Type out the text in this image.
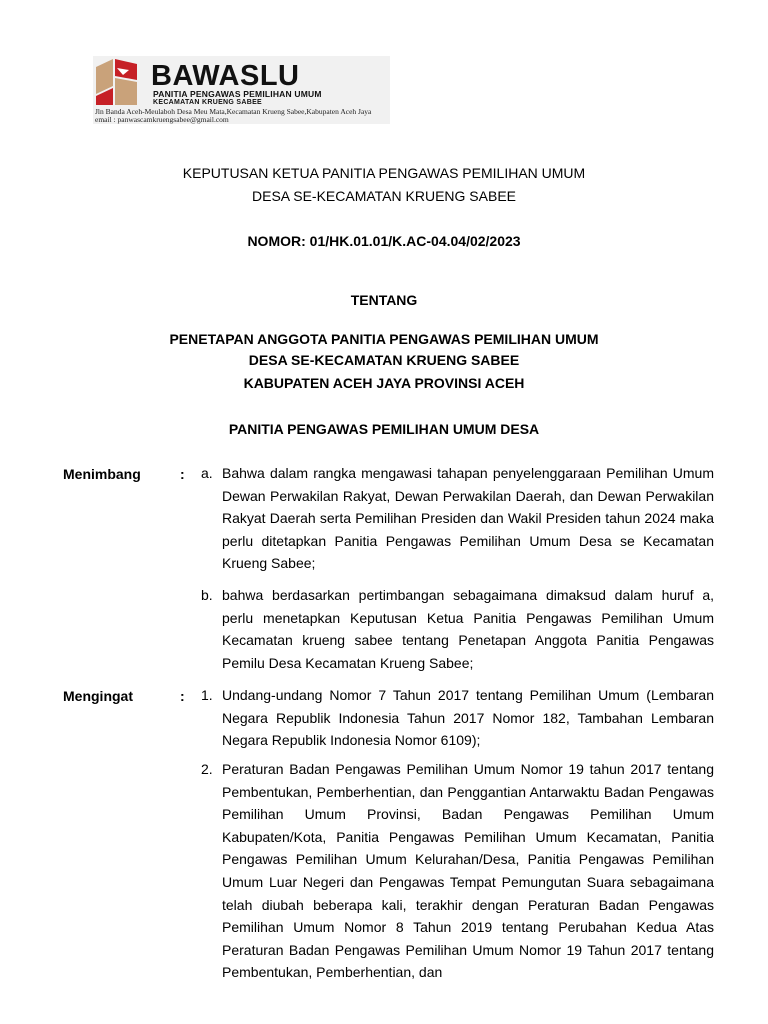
BAWASLU
PANITIA PENGAWAS PEMILIHAN UMUM
KECAMATAN KRUENG SABEE
Jln Banda Aceh-Meulaboh Desa Meu Mata,Kecamatan Krueng Sabee,Kabupaten Aceh Jaya
email : panwascamkruengsabee@gmail.com
KEPUTUSAN KETUA PANITIA PENGAWAS PEMILIHAN UMUM
DESA SE-KECAMATAN KRUENG SABEE
NOMOR: 01/HK.01.01/K.AC-04.04/02/2023
TENTANG
PENETAPAN ANGGOTA PANITIA PENGAWAS PEMILIHAN UMUM
DESA SE-KECAMATAN KRUENG SABEE
KABUPATEN ACEH JAYA PROVINSI ACEH
PANITIA PENGAWAS PEMILIHAN UMUM DESA
Menimbang	: a. Bahwa dalam rangka mengawasi tahapan penyelenggaraan Pemilihan Umum Dewan Perwakilan Rakyat, Dewan Perwakilan Daerah, dan Dewan Perwakilan Rakyat Daerah serta Pemilihan Presiden dan Wakil Presiden tahun 2024 maka perlu ditetapkan Panitia Pengawas Pemilihan Umum Desa se Kecamatan Krueng Sabee;

b. bahwa berdasarkan pertimbangan sebagaimana dimaksud dalam huruf a, perlu menetapkan Keputusan Ketua Panitia Pengawas Pemilihan Umum Kecamatan krueng sabee tentang Penetapan Anggota Panitia Pengawas Pemilu Desa Kecamatan Krueng Sabee;

Mengingat	: 1. Undang-undang Nomor 7 Tahun 2017 tentang Pemilihan Umum (Lembaran Negara Republik Indonesia Tahun 2017 Nomor 182, Tambahan Lembaran Negara Republik Indonesia Nomor 6109);

2. Peraturan Badan Pengawas Pemilihan Umum Nomor 19 tahun 2017 tentang Pembentukan, Pemberhentian, dan Penggantian Antarwaktu Badan Pengawas Pemilihan Umum Provinsi, Badan Pengawas Pemilihan Umum Kabupaten/Kota, Panitia Pengawas Pemilihan Umum Kecamatan, Panitia Pengawas Pemilihan Umum Kelurahan/Desa, Panitia Pengawas Pemilihan Umum Luar Negeri dan Pengawas Tempat Pemungutan Suara sebagaimana telah diubah beberapa kali, terakhir dengan Peraturan Badan Pengawas Pemilihan Umum Nomor 8 Tahun 2019 tentang Perubahan Kedua Atas Peraturan Badan Pengawas Pemilihan Umum Nomor 19 Tahun 2017 tentang Pembentukan, Pemberhentian, dan
